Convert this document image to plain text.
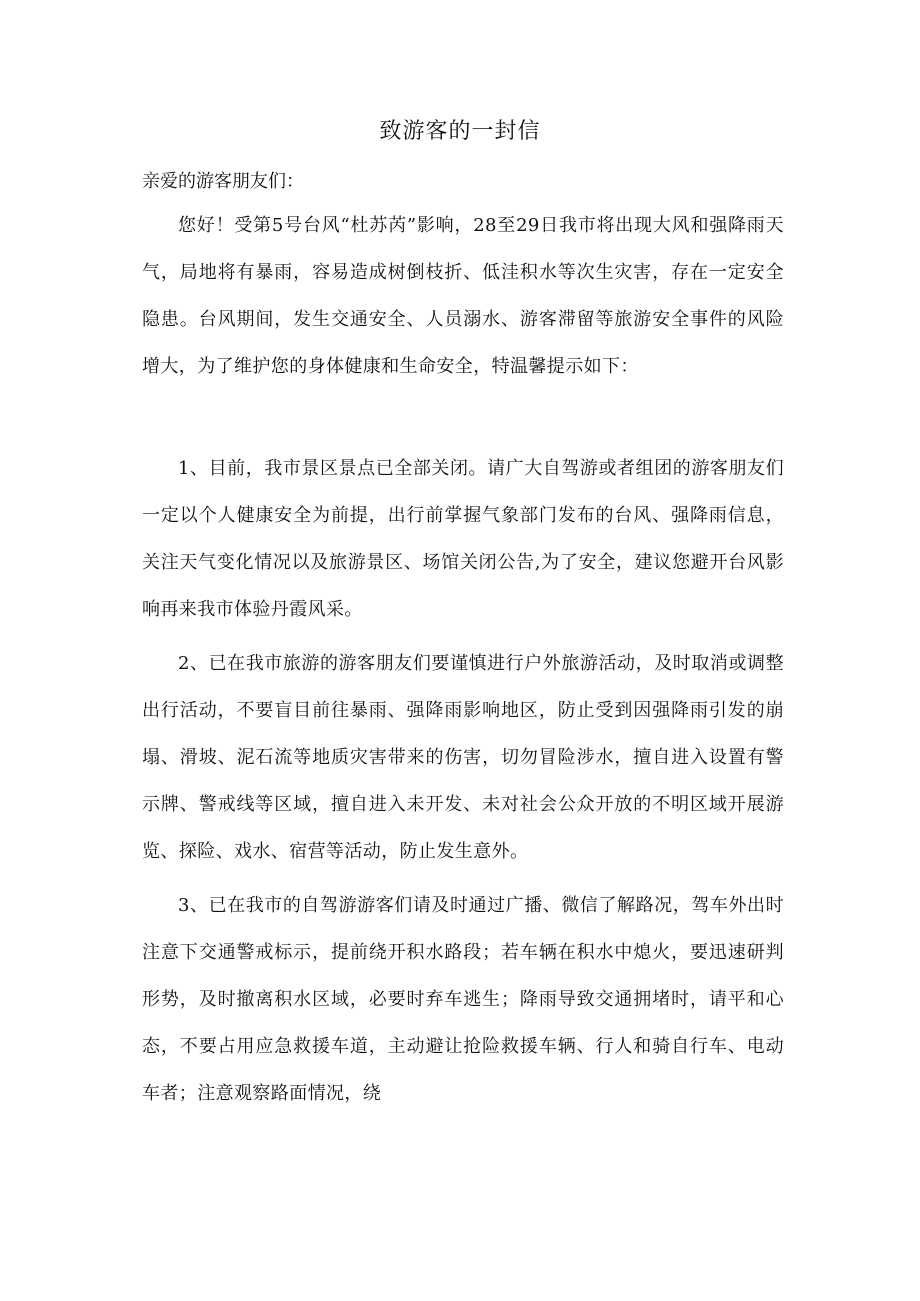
致游客的一封信

亲爱的游客朋友们：

您好！受第5号台风“杜苏芮”影响，28至29日我市将出现大风和强降雨天气，局地将有暴雨，容易造成树倒枝折、低洼积水等次生灾害，存在一定安全隐患。台风期间，发生交通安全、人员溺水、游客滞留等旅游安全事件的风险增大，为了维护您的身体健康和生命安全，特温馨提示如下：

1、目前，我市景区景点已全部关闭。请广大自驾游或者组团的游客朋友们一定以个人健康安全为前提，出行前掌握气象部门发布的台风、强降雨信息，关注天气变化情况以及旅游景区、场馆关闭公告,为了安全，建议您避开台风影响再来我市体验丹霞风采。

2、已在我市旅游的游客朋友们要谨慎进行户外旅游活动，及时取消或调整出行活动，不要盲目前往暴雨、强降雨影响地区，防止受到因强降雨引发的崩塌、滑坡、泥石流等地质灾害带来的伤害，切勿冒险涉水，擅自进入设置有警示牌、警戒线等区域，擅自进入未开发、未对社会公众开放的不明区域开展游览、探险、戏水、宿营等活动，防止发生意外。

3、已在我市的自驾游游客们请及时通过广播、微信了解路况，驾车外出时注意下交通警戒标示，提前绕开积水路段；若车辆在积水中熄火，要迅速研判形势，及时撤离积水区域，必要时弃车逃生；降雨导致交通拥堵时，请平和心态，不要占用应急救援车道，主动避让抢险救援车辆、行人和骑自行车、电动车者；注意观察路面情况，绕
